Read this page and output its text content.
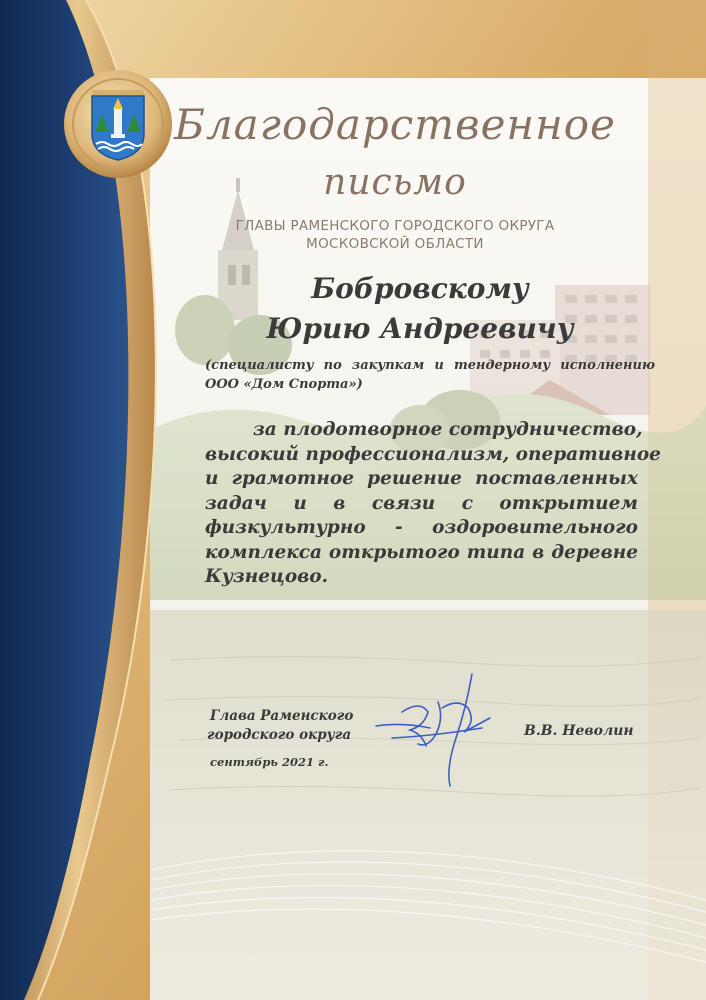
Благодарственное
письмо
ГЛАВЫ РАМЕНСКОГО ГОРОДСКОГО ОКРУГА
МОСКОВСКОЙ ОБЛАСТИ
Бобровскому
Юрию Андреевичу
(специалисту по закупкам и тендерному исполнению
ООО «Дом Спорта»)
за плодотворное сотрудничество,
высокий профессионализм, оперативное
и грамотное решение поставленных
задач и в связи с открытием
физкультурно - оздоровительного
комплекса открытого типа в деревне
Кузнецово.
Глава Раменского
городского округа
сентябрь 2021 г.
В.В. Неволин
